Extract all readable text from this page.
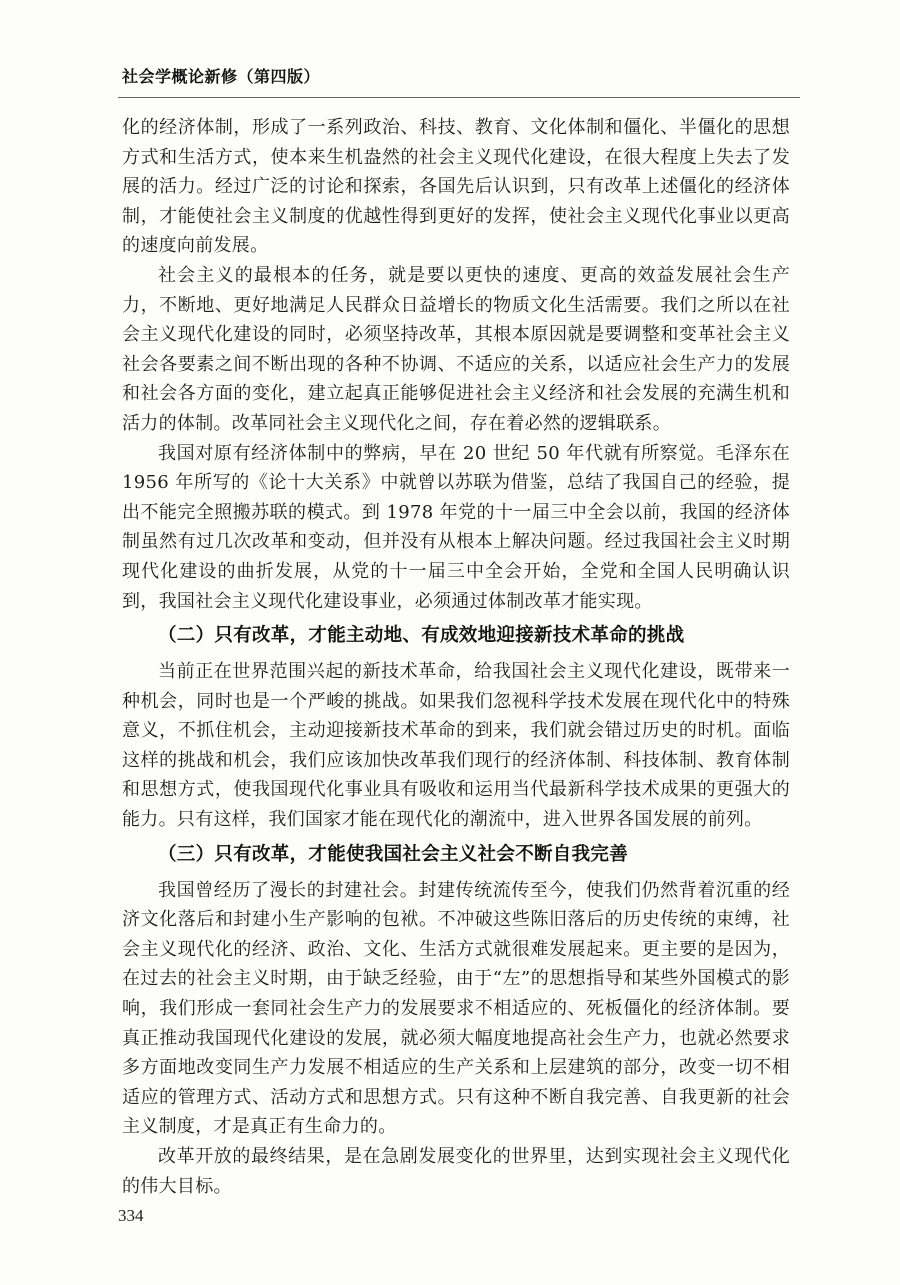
社会学概论新修（第四版）

化的经济体制，形成了一系列政治、科技、教育、文化体制和僵化、半僵化的思想方式和生活方式，使本来生机盎然的社会主义现代化建设，在很大程度上失去了发展的活力。经过广泛的讨论和探索，各国先后认识到，只有改革上述僵化的经济体制，才能使社会主义制度的优越性得到更好的发挥，使社会主义现代化事业以更高的速度向前发展。

社会主义的最根本的任务，就是要以更快的速度、更高的效益发展社会生产力，不断地、更好地满足人民群众日益增长的物质文化生活需要。我们之所以在社会主义现代化建设的同时，必须坚持改革，其根本原因就是要调整和变革社会主义社会各要素之间不断出现的各种不协调、不适应的关系，以适应社会生产力的发展和社会各方面的变化，建立起真正能够促进社会主义经济和社会发展的充满生机和活力的体制。改革同社会主义现代化之间，存在着必然的逻辑联系。

我国对原有经济体制中的弊病，早在 20 世纪 50 年代就有所察觉。毛泽东在 1956 年所写的《论十大关系》中就曾以苏联为借鉴，总结了我国自己的经验，提出不能完全照搬苏联的模式。到 1978 年党的十一届三中全会以前，我国的经济体制虽然有过几次改革和变动，但并没有从根本上解决问题。经过我国社会主义时期现代化建设的曲折发展，从党的十一届三中全会开始，全党和全国人民明确认识到，我国社会主义现代化建设事业，必须通过体制改革才能实现。

（二）只有改革，才能主动地、有成效地迎接新技术革命的挑战

当前正在世界范围兴起的新技术革命，给我国社会主义现代化建设，既带来一种机会，同时也是一个严峻的挑战。如果我们忽视科学技术发展在现代化中的特殊意义，不抓住机会，主动迎接新技术革命的到来，我们就会错过历史的时机。面临这样的挑战和机会，我们应该加快改革我们现行的经济体制、科技体制、教育体制和思想方式，使我国现代化事业具有吸收和运用当代最新科学技术成果的更强大的能力。只有这样，我们国家才能在现代化的潮流中，进入世界各国发展的前列。

（三）只有改革，才能使我国社会主义社会不断自我完善

我国曾经历了漫长的封建社会。封建传统流传至今，使我们仍然背着沉重的经济文化落后和封建小生产影响的包袱。不冲破这些陈旧落后的历史传统的束缚，社会主义现代化的经济、政治、文化、生活方式就很难发展起来。更主要的是因为，在过去的社会主义时期，由于缺乏经验，由于“左”的思想指导和某些外国模式的影响，我们形成一套同社会生产力的发展要求不相适应的、死板僵化的经济体制。要真正推动我国现代化建设的发展，就必须大幅度地提高社会生产力，也就必然要求多方面地改变同生产力发展不相适应的生产关系和上层建筑的部分，改变一切不相适应的管理方式、活动方式和思想方式。只有这种不断自我完善、自我更新的社会主义制度，才是真正有生命力的。

改革开放的最终结果，是在急剧发展变化的世界里，达到实现社会主义现代化的伟大目标。

334
